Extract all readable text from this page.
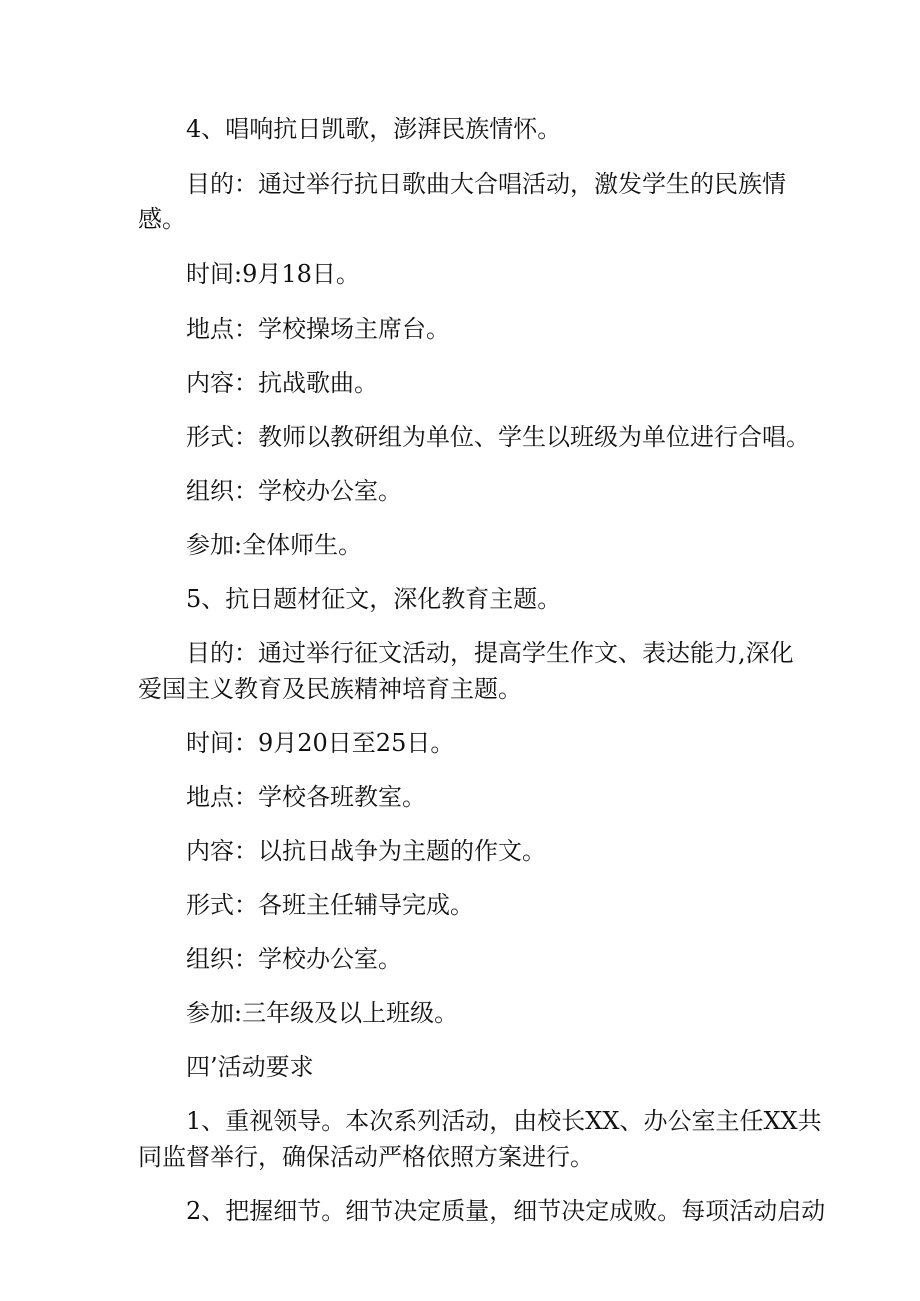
4、唱响抗日凯歌，澎湃民族情怀。
目的：通过举行抗日歌曲大合唱活动，激发学生的民族情
感。
时间:9月18日。
地点：学校操场主席台。
内容：抗战歌曲。
形式：教师以教研组为单位、学生以班级为单位进行合唱。
组织：学校办公室。
参加:全体师生。
5、抗日题材征文，深化教育主题。
目的：通过举行征文活动，提高学生作文、表达能力,深化
爱国主义教育及民族精神培育主题。
时间：9月20日至25日。
地点：学校各班教室。
内容：以抗日战争为主题的作文。
形式：各班主任辅导完成。
组织：学校办公室。
参加:三年级及以上班级。
四’活动要求
1、重视领导。本次系列活动，由校长XX、办公室主任XX共
同监督举行，确保活动严格依照方案进行。
2、把握细节。细节决定质量，细节决定成败。每项活动启动
